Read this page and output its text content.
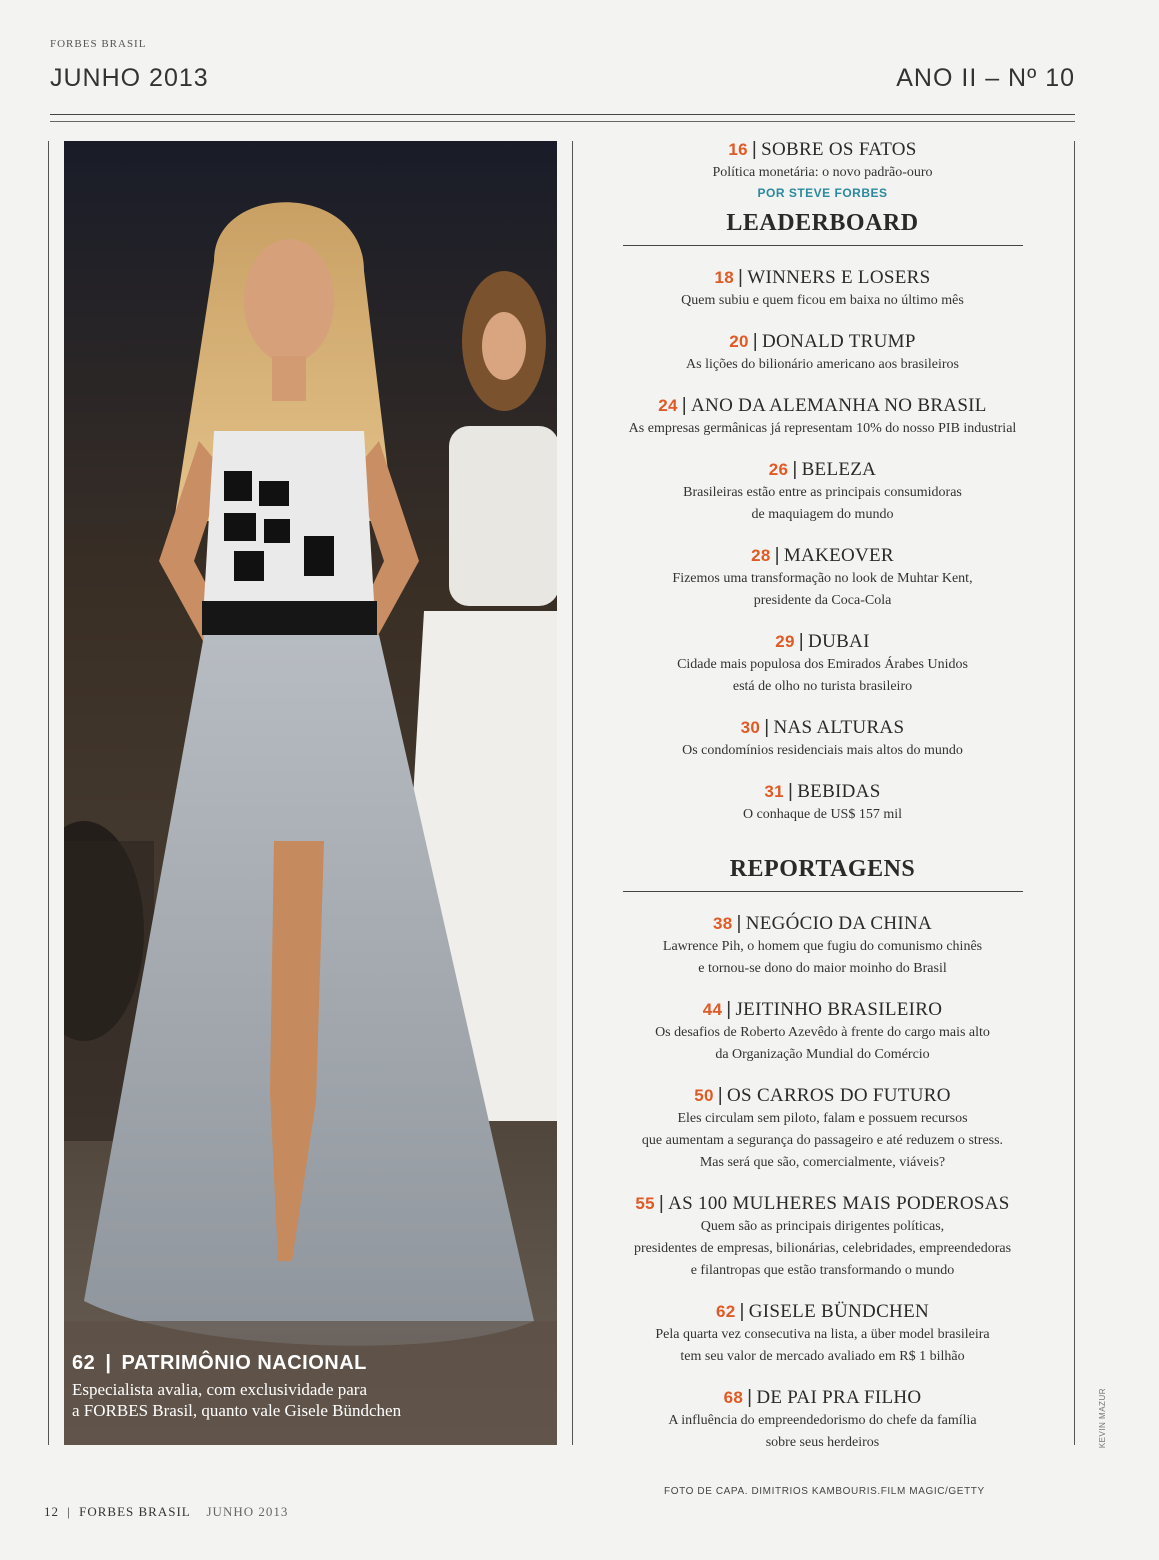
FORBES BRASIL
JUNHO 2013	ANO II – Nº 10
62 | PATRIMÔNIO NACIONAL
Especialista avalia, com exclusividade para
a FORBES Brasil, quanto vale Gisele Bündchen
16 | SOBRE OS FATOS
Política monetária: o novo padrão-ouro
POR STEVE FORBES
LEADERBOARD
18 | WINNERS E LOSERS
Quem subiu e quem ficou em baixa no último mês
20 | DONALD TRUMP
As lições do bilionário americano aos brasileiros
24 | ANO DA ALEMANHA NO BRASIL
As empresas germânicas já representam 10% do nosso PIB industrial
26 | BELEZA
Brasileiras estão entre as principais consumidoras
de maquiagem do mundo
28 | MAKEOVER
Fizemos uma transformação no look de Muhtar Kent,
presidente da Coca-Cola
29 | DUBAI
Cidade mais populosa dos Emirados Árabes Unidos
está de olho no turista brasileiro
30 | NAS ALTURAS
Os condomínios residenciais mais altos do mundo
31 | BEBIDAS
O conhaque de US$ 157 mil
REPORTAGENS
38 | NEGÓCIO DA CHINA
Lawrence Pih, o homem que fugiu do comunismo chinês
e tornou-se dono do maior moinho do Brasil
44 | JEITINHO BRASILEIRO
Os desafios de Roberto Azevêdo à frente do cargo mais alto
da Organização Mundial do Comércio
50 | OS CARROS DO FUTURO
Eles circulam sem piloto, falam e possuem recursos
que aumentam a segurança do passageiro e até reduzem o stress.
Mas será que são, comercialmente, viáveis?
55 | AS 100 MULHERES MAIS PODEROSAS
Quem são as principais dirigentes políticas,
presidentes de empresas, bilionárias, celebridades, empreendedoras
e filantropas que estão transformando o mundo
62 | GISELE BÜNDCHEN
Pela quarta vez consecutiva na lista, a über model brasileira
tem seu valor de mercado avaliado em R$ 1 bilhão
68 | DE PAI PRA FILHO
A influência do empreendedorismo do chefe da família
sobre seus herdeiros	KEVIN MAZUR
FOTO DE CAPA. DIMITRIOS KAMBOURIS.FILM MAGIC/GETTY
12 | FORBES BRASIL JUNHO 2013
